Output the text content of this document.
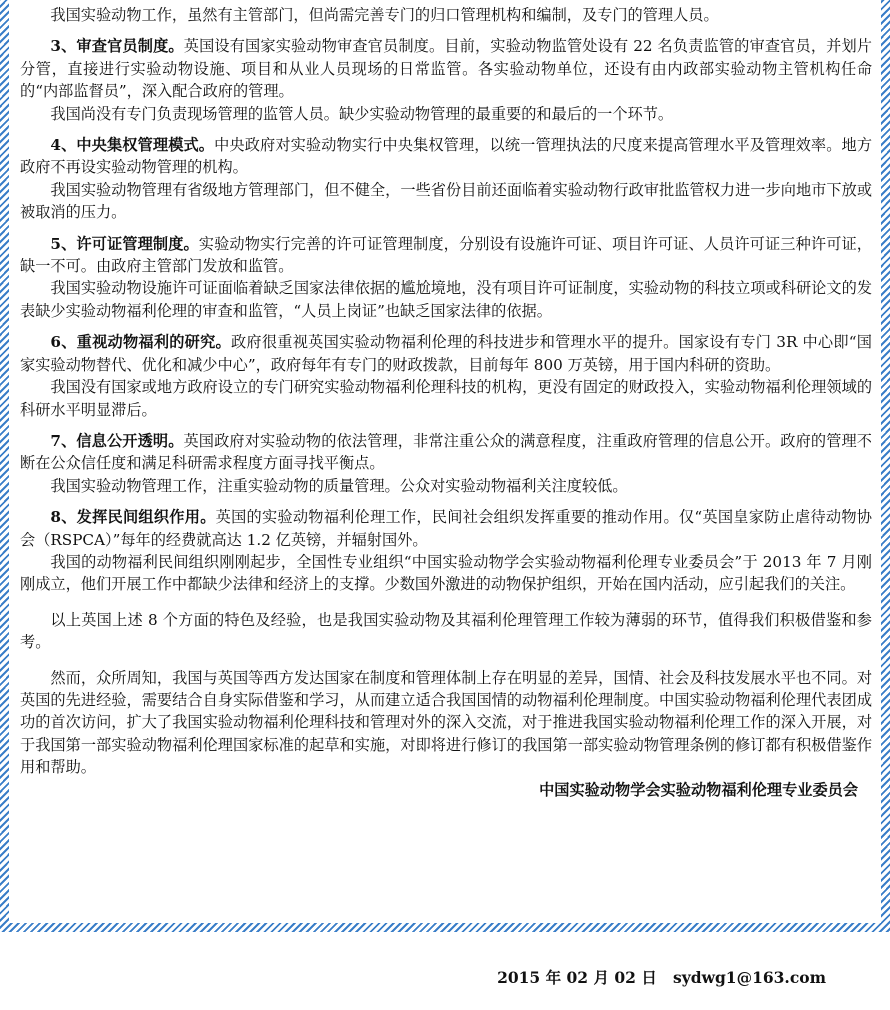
我国实验动物工作，虽然有主管部门，但尚需完善专门的归口管理机构和编制，及专门的管理人员。

3、审查官员制度。英国设有国家实验动物审查官员制度。目前，实验动物监管处设有 22 名负责监管的审查官员，并划片分管，直接进行实验动物设施、项目和从业人员现场的日常监管。各实验动物单位，还设有由内政部实验动物主管机构任命的“内部监督员”，深入配合政府的管理。

我国尚没有专门负责现场管理的监管人员。缺少实验动物管理的最重要的和最后的一个环节。

4、中央集权管理模式。中央政府对实验动物实行中央集权管理，以统一管理执法的尺度来提高管理水平及管理效率。地方政府不再设实验动物管理的机构。

我国实验动物管理有省级地方管理部门，但不健全，一些省份目前还面临着实验动物行政审批监管权力进一步向地市下放或被取消的压力。

5、许可证管理制度。实验动物实行完善的许可证管理制度，分别设有设施许可证、项目许可证、人员许可证三种许可证，缺一不可。由政府主管部门发放和监管。

我国实验动物设施许可证面临着缺乏国家法律依据的尴尬境地，没有项目许可证制度，实验动物的科技立项或科研论文的发表缺少实验动物福利伦理的审查和监管，“人员上岗证”也缺乏国家法律的依据。

6、重视动物福利的研究。政府很重视英国实验动物福利伦理的科技进步和管理水平的提升。国家设有专门 3R 中心即“国家实验动物替代、优化和减少中心”，政府每年有专门的财政拨款，目前每年 800 万英镑，用于国内科研的资助。

我国没有国家或地方政府设立的专门研究实验动物福利伦理科技的机构，更没有固定的财政投入，实验动物福利伦理领域的科研水平明显滞后。

7、信息公开透明。英国政府对实验动物的依法管理，非常注重公众的满意程度，注重政府管理的信息公开。政府的管理不断在公众信任度和满足科研需求程度方面寻找平衡点。

我国实验动物管理工作，注重实验动物的质量管理。公众对实验动物福利关注度较低。

8、发挥民间组织作用。英国的实验动物福利伦理工作，民间社会组织发挥重要的推动作用。仅“英国皇家防止虐待动物协会（RSPCA）”每年的经费就高达 1.2 亿英镑，并辐射国外。

我国的动物福利民间组织刚刚起步，全国性专业组织“中国实验动物学会实验动物福利伦理专业委员会”于 2013 年 7 月刚刚成立，他们开展工作中都缺少法律和经济上的支撑。少数国外激进的动物保护组织，开始在国内活动，应引起我们的关注。

以上英国上述 8 个方面的特色及经验，也是我国实验动物及其福利伦理管理工作较为薄弱的环节，值得我们积极借鉴和参考。

然而，众所周知，我国与英国等西方发达国家在制度和管理体制上存在明显的差异，国情、社会及科技发展水平也不同。对英国的先进经验，需要结合自身实际借鉴和学习，从而建立适合我国国情的动物福利伦理制度。中国实验动物福利伦理代表团成功的首次访问，扩大了我国实验动物福利伦理科技和管理对外的深入交流，对于推进我国实验动物福利伦理工作的深入开展，对于我国第一部实验动物福利伦理国家标准的起草和实施，对即将进行修订的我国第一部实验动物管理条例的修订都有积极借鉴作用和帮助。

中国实验动物学会实验动物福利伦理专业委员会

2015 年 02 月 02 日 sydwg1@163.com
